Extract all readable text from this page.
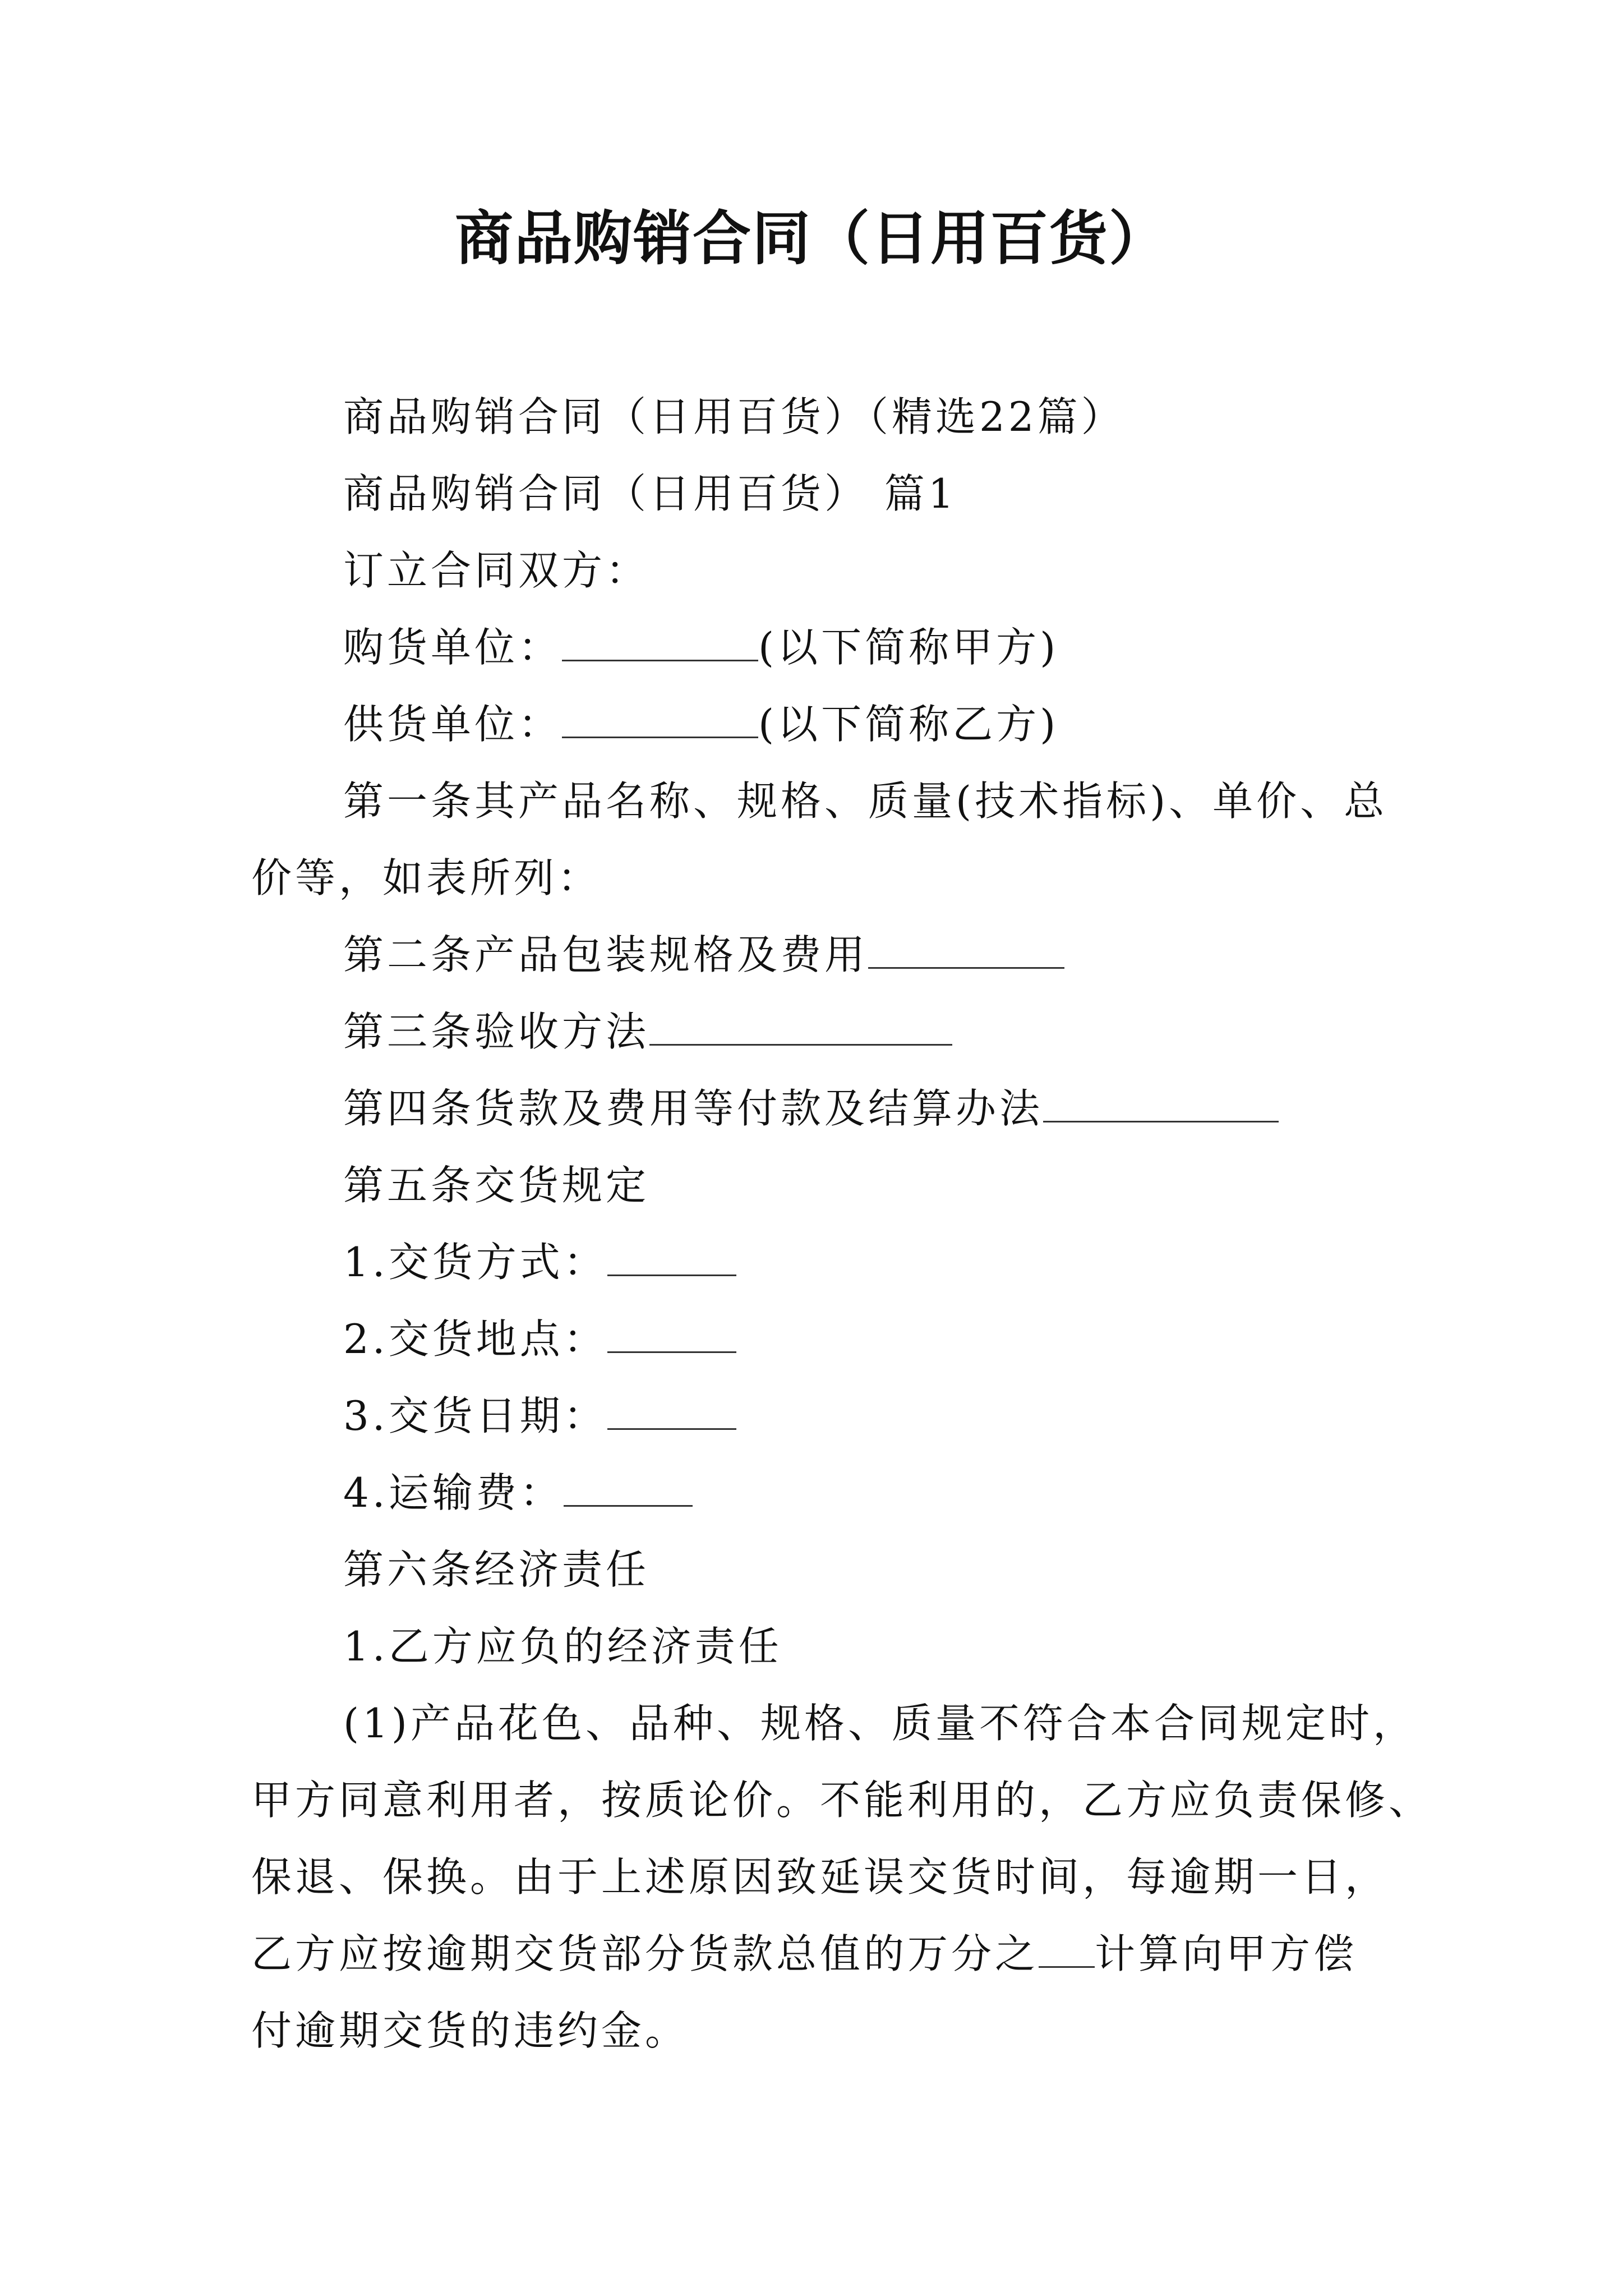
商品购销合同（日用百货）

商品购销合同（日用百货）（精选22篇）

商品购销合同（日用百货） 篇1

订立合同双方：

购货单位：	(以下简称甲方)

供货单位：	(以下简称乙方)

第一条其产品名称、规格、质量(技术指标)、单价、总

价等，如表所列：

第二条产品包装规格及费用

第三条验收方法

第四条货款及费用等付款及结算办法

第五条交货规定

1.交货方式：

2.交货地点：

3.交货日期：

4.运输费：

第六条经济责任

1.乙方应负的经济责任

(1)产品花色、品种、规格、质量不符合本合同规定时，

甲方同意利用者，按质论价。不能利用的，乙方应负责保修、

保退、保换。由于上述原因致延误交货时间，每逾期一日，

乙方应按逾期交货部分货款总值的万分之 计算向甲方偿

付逾期交货的违约金。
